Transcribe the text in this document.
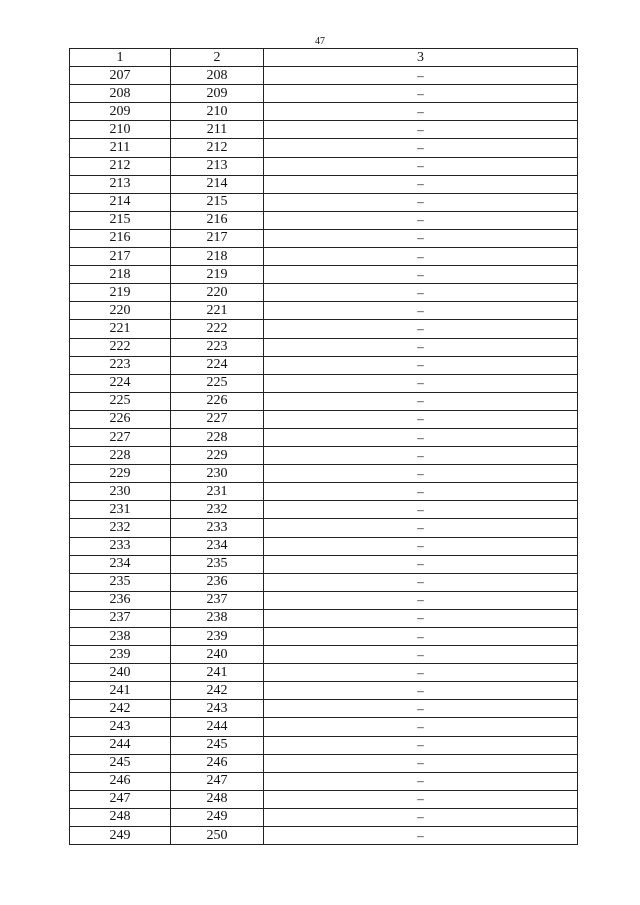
47
1	2	3
207	208	–
208	209	–
209	210	–
210	211	–
211	212	–
212	213	–
213	214	–
214	215	–
215	216	–
216	217	–
217	218	–
218	219	–
219	220	–
220	221	–
221	222	–
222	223	–
223	224	–
224	225	–
225	226	–
226	227	–
227	228	–
228	229	–
229	230	–
230	231	–
231	232	–
232	233	–
233	234	–
234	235	–
235	236	–
236	237	–
237	238	–
238	239	–
239	240	–
240	241	–
241	242	–
242	243	–
243	244	–
244	245	–
245	246	–
246	247	–
247	248	–
248	249	–
249	250	–
